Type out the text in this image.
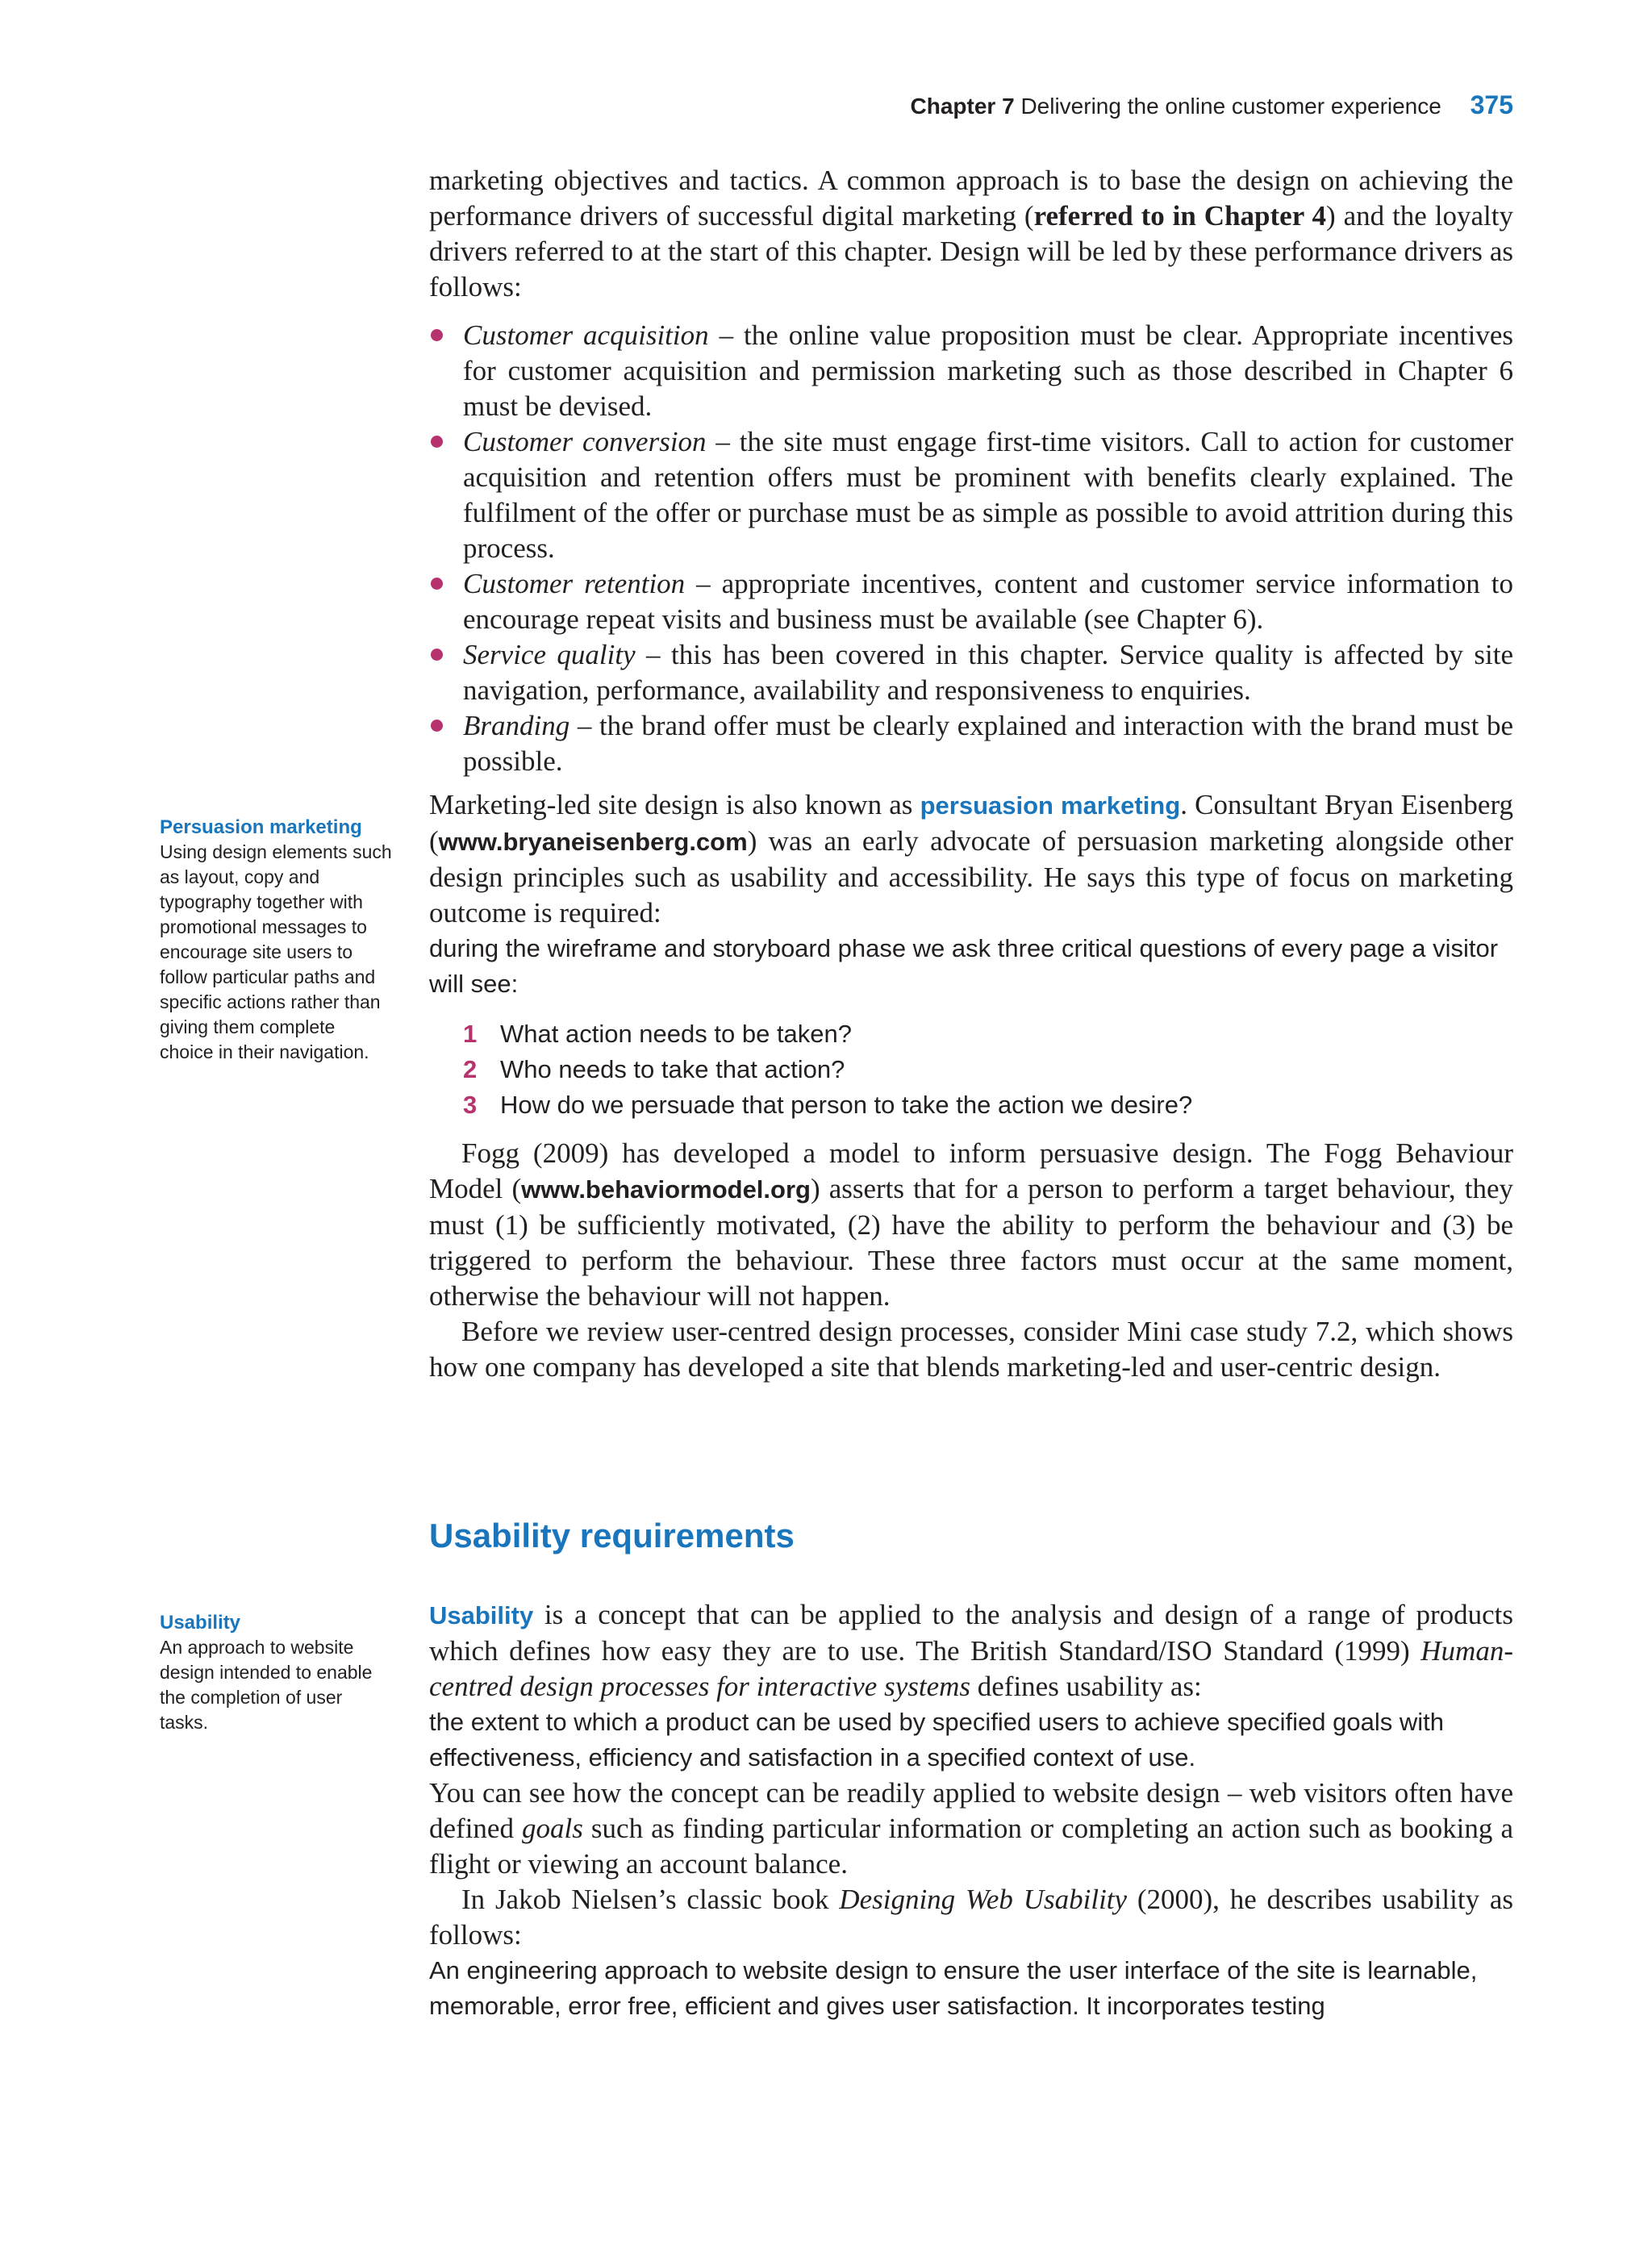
Chapter 7 Delivering the online customer experience 375
Persuasion marketing
Using design elements such as layout, copy and typography together with promotional messages to encourage site users to follow particular paths and specific actions rather than giving them complete choice in their navigation.
Usability
An approach to website design intended to enable the completion of user tasks.

marketing objectives and tactics. A common approach is to base the design on achieving the performance drivers of successful digital marketing (referred to in Chapter 4) and the loyalty drivers referred to at the start of this chapter. Design will be led by these performance drivers as follows:

Customer acquisition – the online value proposition must be clear. Appropriate incentives for customer acquisition and permission marketing such as those described in Chapter 6 must be devised.
Customer conversion – the site must engage first-time visitors. Call to action for customer acquisition and retention offers must be prominent with benefits clearly explained. The fulfilment of the offer or purchase must be as simple as possible to avoid attrition during this process.
Customer retention – appropriate incentives, content and customer service information to encourage repeat visits and business must be available (see Chapter 6).
Service quality – this has been covered in this chapter. Service quality is affected by site navigation, performance, availability and responsiveness to enquiries.
Branding – the brand offer must be clearly explained and interaction with the brand must be possible.

Marketing-led site design is also known as persuasion marketing. Consultant Bryan Eisenberg (www.bryaneisenberg.com) was an early advocate of persuasion marketing alongside other design principles such as usability and accessibility. He says this type of focus on marketing outcome is required:

during the wireframe and storyboard phase we ask three critical questions of every page a visitor will see:

1 What action needs to be taken?
2 Who needs to take that action?
3 How do we persuade that person to take the action we desire?

Fogg (2009) has developed a model to inform persuasive design. The Fogg Behaviour Model (www.behaviormodel.org) asserts that for a person to perform a target behaviour, they must (1) be sufficiently motivated, (2) have the ability to perform the behaviour and (3) be triggered to perform the behaviour. These three factors must occur at the same moment, otherwise the behaviour will not happen.

Before we review user-centred design processes, consider Mini case study 7.2, which shows how one company has developed a site that blends marketing-led and user-centric design.

Usability requirements

Usability is a concept that can be applied to the analysis and design of a range of products which defines how easy they are to use. The British Standard/ISO Standard (1999) Human-centred design processes for interactive systems defines usability as:

the extent to which a product can be used by specified users to achieve specified goals with effectiveness, efficiency and satisfaction in a specified context of use.

You can see how the concept can be readily applied to website design – web visitors often have defined goals such as finding particular information or completing an action such as booking a flight or viewing an account balance.

In Jakob Nielsen’s classic book Designing Web Usability (2000), he describes usability as follows:

An engineering approach to website design to ensure the user interface of the site is learnable, memorable, error free, efficient and gives user satisfaction. It incorporates testing
